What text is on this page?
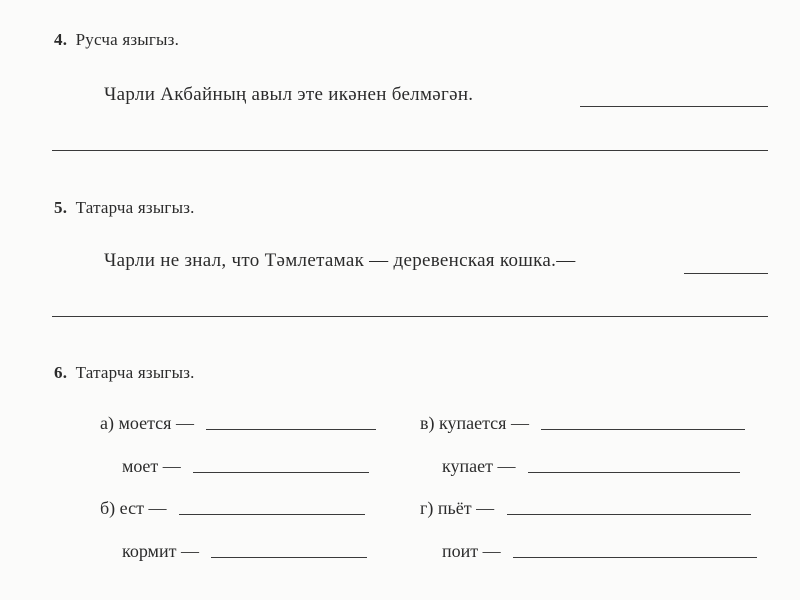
4. Русча языгыз.
Чарли Акбайның авыл эте икәнен белмәгән.
5. Татарча языгыз.
Чарли не знал, что Тәмлетамак — деревенская кошка.—
6. Татарча языгыз.
а) моется —
мoет —
б) ест —
кормит —
в) купается —
купает —
г) пьёт —
поит —
